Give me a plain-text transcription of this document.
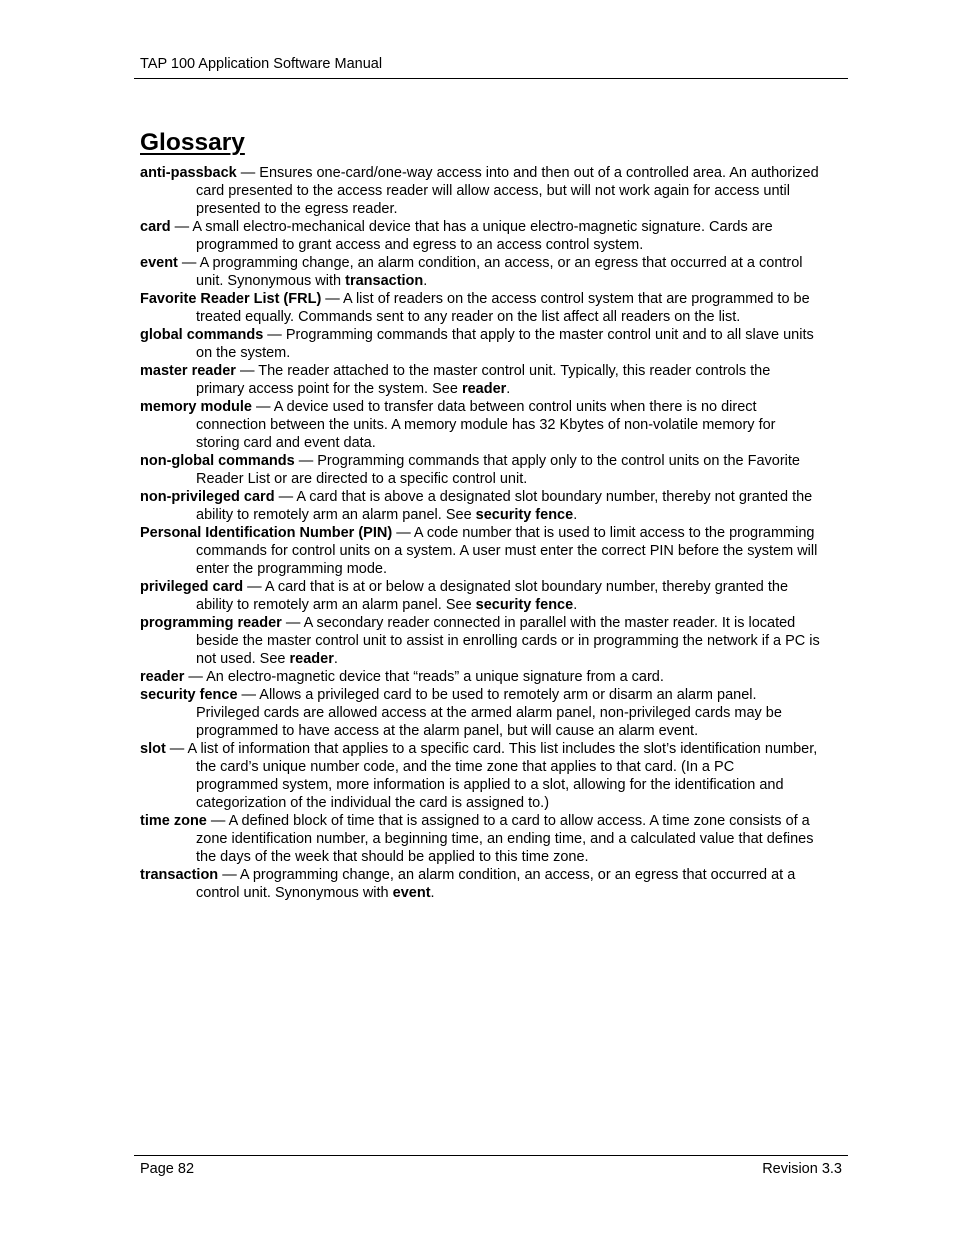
TAP 100 Application Software Manual
Glossary
anti-passback — Ensures one-card/one-way access into and then out of a controlled area. An authorized card presented to the access reader will allow access, but will not work again for access until presented to the egress reader.
card — A small electro-mechanical device that has a unique electro-magnetic signature. Cards are programmed to grant access and egress to an access control system.
event — A programming change, an alarm condition, an access, or an egress that occurred at a control unit. Synonymous with transaction.
Favorite Reader List (FRL) — A list of readers on the access control system that are programmed to be treated equally. Commands sent to any reader on the list affect all readers on the list.
global commands — Programming commands that apply to the master control unit and to all slave units on the system.
master reader — The reader attached to the master control unit. Typically, this reader controls the primary access point for the system. See reader.
memory module — A device used to transfer data between control units when there is no direct connection between the units. A memory module has 32 Kbytes of non-volatile memory for storing card and event data.
non-global commands — Programming commands that apply only to the control units on the Favorite Reader List or are directed to a specific control unit.
non-privileged card — A card that is above a designated slot boundary number, thereby not granted the ability to remotely arm an alarm panel. See security fence.
Personal Identification Number (PIN) — A code number that is used to limit access to the programming commands for control units on a system. A user must enter the correct PIN before the system will enter the programming mode.
privileged card — A card that is at or below a designated slot boundary number, thereby granted the ability to remotely arm an alarm panel. See security fence.
programming reader — A secondary reader connected in parallel with the master reader. It is located beside the master control unit to assist in enrolling cards or in programming the network if a PC is not used. See reader.
reader — An electro-magnetic device that “reads” a unique signature from a card.
security fence — Allows a privileged card to be used to remotely arm or disarm an alarm panel. Privileged cards are allowed access at the armed alarm panel, non-privileged cards may be programmed to have access at the alarm panel, but will cause an alarm event.
slot — A list of information that applies to a specific card. This list includes the slot’s identification number, the card’s unique number code, and the time zone that applies to that card. (In a PC programmed system, more information is applied to a slot, allowing for the identification and categorization of the individual the card is assigned to.)
time zone — A defined block of time that is assigned to a card to allow access. A time zone consists of a zone identification number, a beginning time, an ending time, and a calculated value that defines the days of the week that should be applied to this time zone.
transaction — A programming change, an alarm condition, an access, or an egress that occurred at a control unit. Synonymous with event.
Page 82	Revision 3.3
